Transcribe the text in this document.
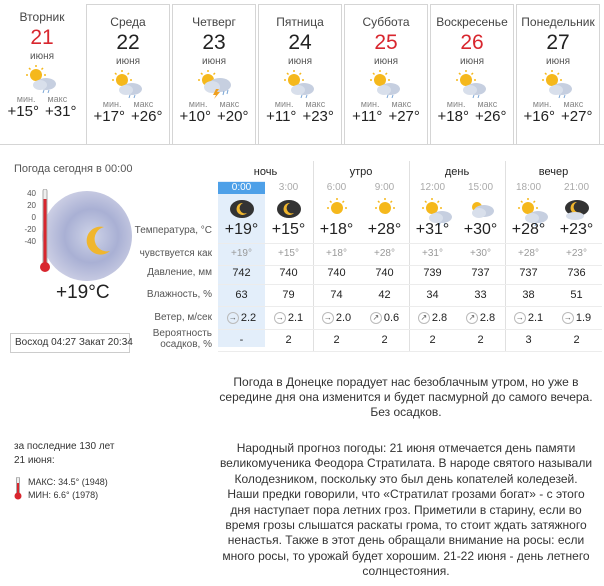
Вторник
21
июня
мин. макс
+15° +31°
Среда
22
июня
мин. макс
+17° +26°
Четверг
23
июня
мин. макс
+10° +20°
Пятница
24
июня
мин. макс
+11° +23°
Суббота
25
июня
мин. макс
+11° +27°
Воскресенье
26
июня
мин. макс
+18° +26°
Понедельник
27
июня
мин. макс
+16° +27°
Погода сегодня в 00:00
40
20
0
-20
-40
+19°C
Восход 04:27 Закат 20:34
ночь	утро	день	вечер
0:00	3:00	6:00	9:00	12:00	15:00	18:00	21:00
Температура, °С +19° +15° +18° +28° +31° +30° +28° +23°
чувствуется как	+19°	+15°	+18°	+28°	+31°	+30°	+28°	+23°
Давление, мм	742	740	740	740	739	737	737	736
Влажность, %	63	79	74	42	34	33	38	51
Ветер, м/сек	→ 2.2	→ 2.1	→ 2.0	↗ 0.6	↗ 2.8	↗ 2.8	→ 2.1	→ 1.9
Вероятность
осадков, %	-	2	2	2	2	2	3	2
Погода в Донецке порадует нас безоблачным утром, но уже в середине дня она изменится и будет пасмурной до самого вечера. Без осадков.
за последние 130 лет
21 июня:
МАКС: 34.5° (1948)
МИН: 6.6° (1978)
Народный прогноз погоды: 21 июня отмечается день памяти великомученика Феодора Стратилата. В народе святого называли Колодезником, поскольку это был день копателей коледезей. Наши предки говорили, что «Стратилат грозами богат» - с этого дня наступает пора летних гроз. Приметили в старину, если во время грозы слышатся раскаты грома, то стоит ждать затяжного ненастья. Также в этот день обращали внимание на росы: если много росы, то урожай будет хорошим. 21-22 июня - день летнего солнцестояния.
